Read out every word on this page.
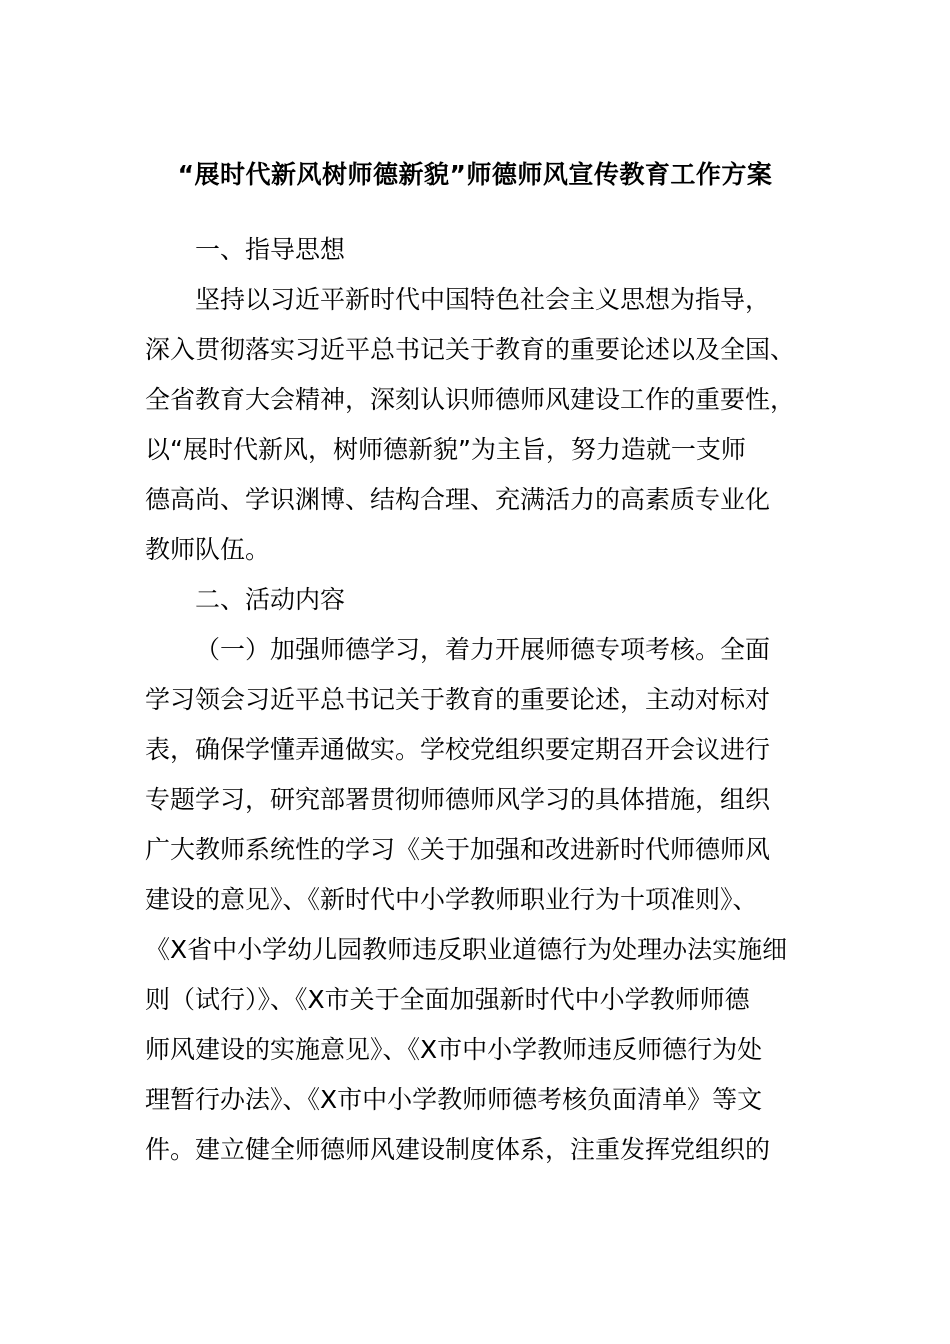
“展时代新风树师德新貌”师德师风宣传教育工作方案
一、指导思想
坚持以习近平新时代中国特色社会主义思想为指导，
深入贯彻落实习近平总书记关于教育的重要论述以及全国、
全省教育大会精神，深刻认识师德师风建设工作的重要性，
以“展时代新风，树师德新貌”为主旨，努力造就一支师
德高尚、学识渊博、结构合理、充满活力的高素质专业化
教师队伍。
二、活动内容
（一）加强师德学习，着力开展师德专项考核。全面
学习领会习近平总书记关于教育的重要论述，主动对标对
表，确保学懂弄通做实。学校党组织要定期召开会议进行
专题学习，研究部署贯彻师德师风学习的具体措施，组织
广大教师系统性的学习《关于加强和改进新时代师德师风
建设的意见》、《新时代中小学教师职业行为十项准则》、
《X省中小学幼儿园教师违反职业道德行为处理办法实施细
则（试行）》、《X市关于全面加强新时代中小学教师师德
师风建设的实施意见》、《X市中小学教师违反师德行为处
理暂行办法》、《X市中小学教师师德考核负面清单》等文
件。建立健全师德师风建设制度体系，注重发挥党组织的
